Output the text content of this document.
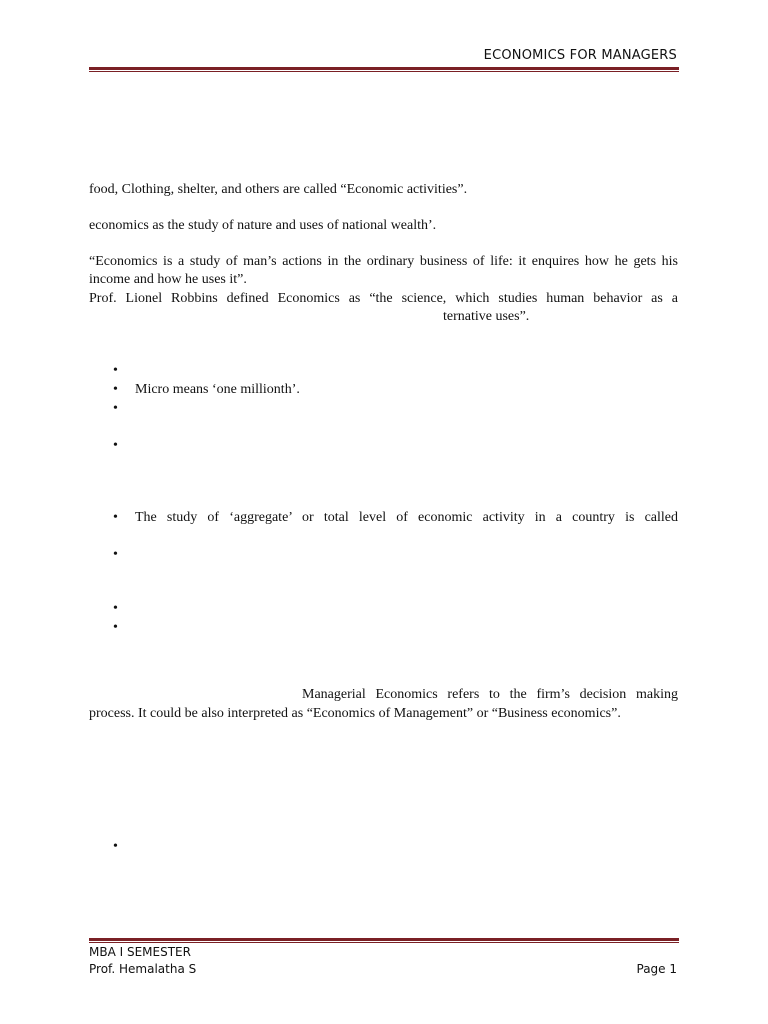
ECONOMICS FOR MANAGERS
food, Clothing, shelter, and others are called “Economic activities”.
economics as the study of nature and uses of national wealth’.
“Economics is a study of man’s actions in the ordinary business of life: it enquires how he gets his income and how he uses it”.
Prof. Lionel Robbins defined Economics as “the science, which studies human behavior as a
ternative uses”.
•
• Micro means ‘one millionth’.
•
•
• The study of ‘aggregate’ or total level of economic activity in a country is called
•
•
•
Managerial Economics refers to the firm’s decision making process. It could be also interpreted as “Economics of Management” or “Business economics”.
•
MBA I SEMESTER
Prof. Hemalatha S	Page 1
